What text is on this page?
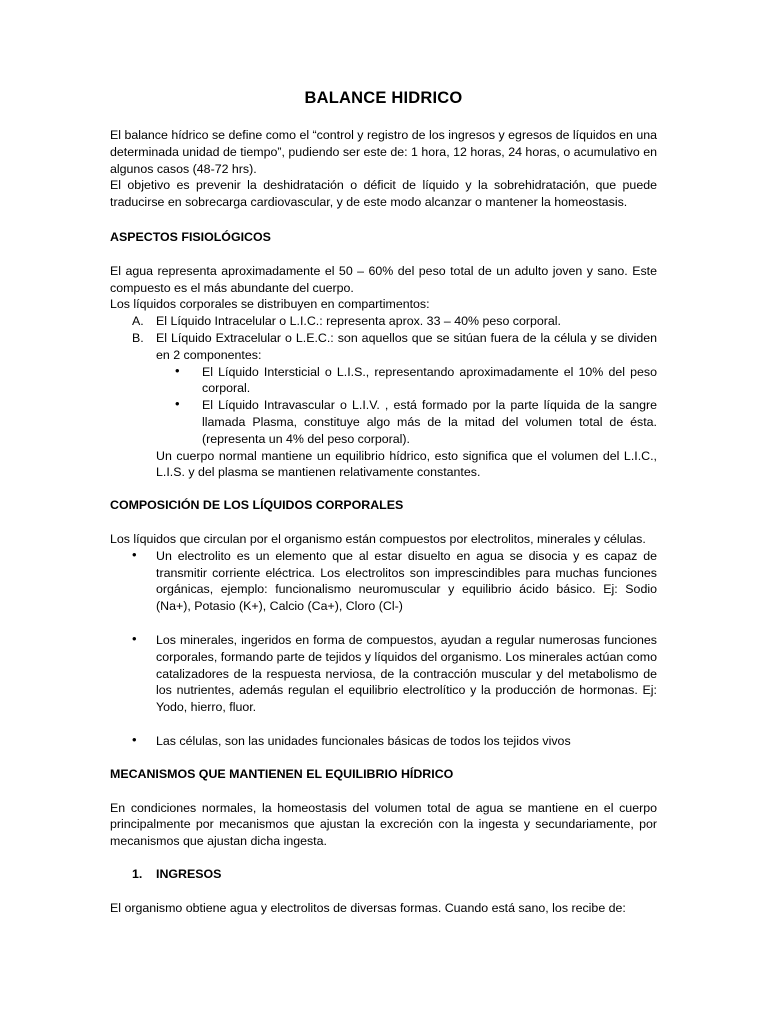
BALANCE HIDRICO

El balance hídrico se define como el “control y registro de los ingresos y egresos de líquidos en una determinada unidad de tiempo”, pudiendo ser este de: 1 hora, 12 horas, 24 horas, o acumulativo en algunos casos (48-72 hrs).

El objetivo es prevenir la deshidratación o déficit de líquido y la sobrehidratación, que puede traducirse en sobrecarga cardiovascular, y de este modo alcanzar o mantener la homeostasis.

ASPECTOS FISIOLÓGICOS

El agua representa aproximadamente el 50 – 60% del peso total de un adulto joven y sano. Este compuesto es el más abundante del cuerpo.

Los líquidos corporales se distribuyen en compartimentos:

A. El Líquido Intracelular o L.I.C.: representa aprox. 33 – 40% peso corporal.
B. El Líquido Extracelular o L.E.C.: son aquellos que se sitúan fuera de la célula y se dividen en 2 componentes:
• El Líquido Intersticial o L.I.S., representando aproximadamente el 10% del peso corporal.
• El Líquido Intravascular o L.I.V. , está formado por la parte líquida de la sangre llamada Plasma, constituye algo más de la mitad del volumen total de ésta. (representa un 4% del peso corporal).

Un cuerpo normal mantiene un equilibrio hídrico, esto significa que el volumen del L.I.C., L.I.S. y del plasma se mantienen relativamente constantes.

COMPOSICIÓN DE LOS LÍQUIDOS CORPORALES

Los líquidos que circulan por el organismo están compuestos por electrolitos, minerales y células.

• Un electrolito es un elemento que al estar disuelto en agua se disocia y es capaz de transmitir corriente eléctrica. Los electrolitos son imprescindibles para muchas funciones orgánicas, ejemplo: funcionalismo neuromuscular y equilibrio ácido básico. Ej: Sodio (Na+), Potasio (K+), Calcio (Ca+), Cloro (Cl-)
• Los minerales, ingeridos en forma de compuestos, ayudan a regular numerosas funciones corporales, formando parte de tejidos y líquidos del organismo. Los minerales actúan como catalizadores de la respuesta nerviosa, de la contracción muscular y del metabolismo de los nutrientes, además regulan el equilibrio electrolítico y la producción de hormonas. Ej: Yodo, hierro, fluor.
• Las células, son las unidades funcionales básicas de todos los tejidos vivos

MECANISMOS QUE MANTIENEN EL EQUILIBRIO HÍDRICO

En condiciones normales, la homeostasis del volumen total de agua se mantiene en el cuerpo principalmente por mecanismos que ajustan la excreción con la ingesta y secundariamente, por mecanismos que ajustan dicha ingesta.

1. INGRESOS

El organismo obtiene agua y electrolitos de diversas formas. Cuando está sano, los recibe de:
